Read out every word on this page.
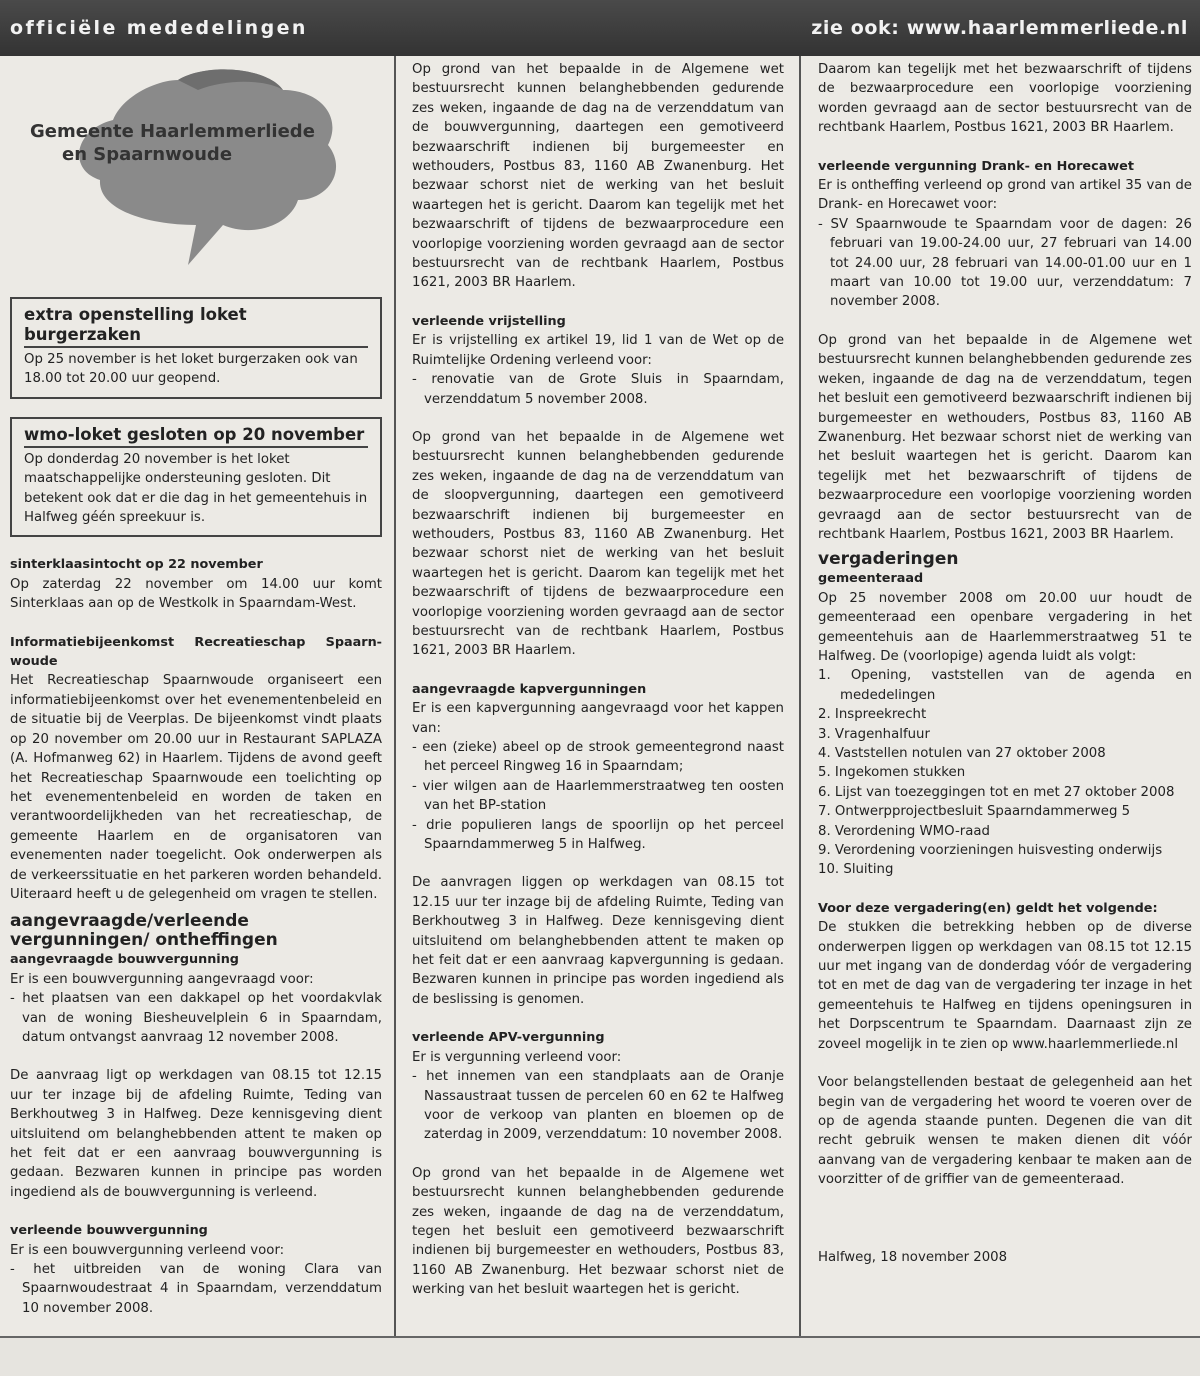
officiële mededelingen	zie ook: www.haarlemmerliede.nl
Gemeente Haarlemmerliede
en Spaarnwoude
extra openstelling loket burgerzaken
Op 25 november is het loket burgerzaken ook van 18.00 tot 20.00 uur geopend.
wmo-loket gesloten op 20 november
Op donderdag 20 november is het loket maatschappelijke ondersteuning gesloten. Dit betekent ook dat er die dag in het gemeentehuis in Halfweg géén spreekuur is.
sinterklaasintocht op 22 november
Op zaterdag 22 november om 14.00 uur komt Sinterklaas aan op de Westkolk in Spaarndam-West.
Informatiebijeenkomst Recreatieschap Spaarn-woude
Het Recreatieschap Spaarnwoude organiseert een informatiebijeenkomst over het evenementenbeleid en de situatie bij de Veerplas. De bijeenkomst vindt plaats op 20 november om 20.00 uur in Restaurant SAPLAZA (A. Hofmanweg 62) in Haarlem. Tijdens de avond geeft het Recreatieschap Spaarnwoude een toelichting op het evenementenbeleid en worden de taken en verantwoordelijkheden van het recreatieschap, de gemeente Haarlem en de organisatoren van evenementen nader toegelicht. Ook onderwerpen als de verkeerssituatie en het parkeren worden behandeld. Uiteraard heeft u de gelegenheid om vragen te stellen.
aangevraagde/verleende vergunningen/ ontheffingen
aangevraagde bouwvergunning
Er is een bouwvergunning aangevraagd voor:
- het plaatsen van een dakkapel op het voordakvlak van de woning Biesheuvelplein 6 in Spaarndam, datum ontvangst aanvraag 12 november 2008.
De aanvraag ligt op werkdagen van 08.15 tot 12.15 uur ter inzage bij de afdeling Ruimte, Teding van Berkhoutweg 3 in Halfweg. Deze kennisgeving dient uitsluitend om belanghebbenden attent te maken op het feit dat er een aanvraag bouwvergunning is gedaan. Bezwaren kunnen in principe pas worden ingediend als de bouwvergunning is verleend.
verleende bouwvergunning
Er is een bouwvergunning verleend voor:
- het uitbreiden van de woning Clara van Spaarnwoudestraat 4 in Spaarndam, verzenddatum 10 november 2008.
Op grond van het bepaalde in de Algemene wet bestuursrecht kunnen belanghebbenden gedurende zes weken, ingaande de dag na de verzenddatum van de bouwvergunning, daartegen een gemotiveerd bezwaarschrift indienen bij burgemeester en wethouders, Postbus 83, 1160 AB Zwanenburg. Het bezwaar schorst niet de werking van het besluit waartegen het is gericht. Daarom kan tegelijk met het bezwaarschrift of tijdens de bezwaarprocedure een voorlopige voorziening worden gevraagd aan de sector bestuursrecht van de rechtbank Haarlem, Postbus 1621, 2003 BR Haarlem.
verleende vrijstelling
Er is vrijstelling ex artikel 19, lid 1 van de Wet op de Ruimtelijke Ordening verleend voor:
- renovatie van de Grote Sluis in Spaarndam, verzenddatum 5 november 2008.
Op grond van het bepaalde in de Algemene wet bestuursrecht kunnen belanghebbenden gedurende zes weken, ingaande de dag na de verzenddatum van de sloopvergunning, daartegen een gemotiveerd bezwaarschrift indienen bij burgemeester en wethouders, Postbus 83, 1160 AB Zwanenburg. Het bezwaar schorst niet de werking van het besluit waartegen het is gericht. Daarom kan tegelijk met het bezwaarschrift of tijdens de bezwaarprocedure een voorlopige voorziening worden gevraagd aan de sector bestuursrecht van de rechtbank Haarlem, Postbus 1621, 2003 BR Haarlem.
aangevraagde kapvergunningen
Er is een kapvergunning aangevraagd voor het kappen van:
- een (zieke) abeel op de strook gemeentegrond naast het perceel Ringweg 16 in Spaarndam;
- vier wilgen aan de Haarlemmerstraatweg ten oosten van het BP-station
- drie populieren langs de spoorlijn op het perceel Spaarndammerweg 5 in Halfweg.
De aanvragen liggen op werkdagen van 08.15 tot 12.15 uur ter inzage bij de afdeling Ruimte, Teding van Berkhoutweg 3 in Halfweg. Deze kennisgeving dient uitsluitend om belanghebbenden attent te maken op het feit dat er een aanvraag kapvergunning is gedaan. Bezwaren kunnen in principe pas worden ingediend als de beslissing is genomen.
verleende APV-vergunning
Er is vergunning verleend voor:
- het innemen van een standplaats aan de Oranje Nassaustraat tussen de percelen 60 en 62 te Halfweg voor de verkoop van planten en bloemen op de zaterdag in 2009, verzenddatum: 10 november 2008.
Op grond van het bepaalde in de Algemene wet bestuursrecht kunnen belanghebbenden gedurende zes weken, ingaande de dag na de verzenddatum, tegen het besluit een gemotiveerd bezwaarschrift indienen bij burgemeester en wethouders, Postbus 83, 1160 AB Zwanenburg. Het bezwaar schorst niet de werking van het besluit waartegen het is gericht.
Daarom kan tegelijk met het bezwaarschrift of tijdens de bezwaarprocedure een voorlopige voorziening worden gevraagd aan de sector bestuursrecht van de rechtbank Haarlem, Postbus 1621, 2003 BR Haarlem.
verleende vergunning Drank- en Horecawet
Er is ontheffing verleend op grond van artikel 35 van de Drank- en Horecawet voor:
- SV Spaarnwoude te Spaarndam voor de dagen: 26 februari van 19.00-24.00 uur, 27 februari van 14.00 tot 24.00 uur, 28 februari van 14.00-01.00 uur en 1 maart van 10.00 tot 19.00 uur, verzenddatum: 7 november 2008.
Op grond van het bepaalde in de Algemene wet bestuursrecht kunnen belanghebbenden gedurende zes weken, ingaande de dag na de verzenddatum, tegen het besluit een gemotiveerd bezwaarschrift indienen bij burgemeester en wethouders, Postbus 83, 1160 AB Zwanenburg. Het bezwaar schorst niet de werking van het besluit waartegen het is gericht. Daarom kan tegelijk met het bezwaarschrift of tijdens de bezwaarprocedure een voorlopige voorziening worden gevraagd aan de sector bestuursrecht van de rechtbank Haarlem, Postbus 1621, 2003 BR Haarlem.
vergaderingen
gemeenteraad
Op 25 november 2008 om 20.00 uur houdt de gemeenteraad een openbare vergadering in het gemeentehuis aan de Haarlemmerstraatweg 51 te Halfweg. De (voorlopige) agenda luidt als volgt:
1. Opening, vaststellen van de agenda en mededelingen
2. Inspreekrecht
3. Vragenhalfuur
4. Vaststellen notulen van 27 oktober 2008
5. Ingekomen stukken
6. Lijst van toezeggingen tot en met 27 oktober 2008
7. Ontwerpprojectbesluit Spaarndammerweg 5
8. Verordening WMO-raad
9. Verordening voorzieningen huisvesting onderwijs
10. Sluiting
Voor deze vergadering(en) geldt het volgende:
De stukken die betrekking hebben op de diverse onderwerpen liggen op werkdagen van 08.15 tot 12.15 uur met ingang van de donderdag vóór de vergadering tot en met de dag van de vergadering ter inzage in het gemeentehuis te Halfweg en tijdens openingsuren in het Dorpscentrum te Spaarndam. Daarnaast zijn ze zoveel mogelijk in te zien op www.haarlemmerliede.nl
Voor belangstellenden bestaat de gelegenheid aan het begin van de vergadering het woord te voeren over de op de agenda staande punten. Degenen die van dit recht gebruik wensen te maken dienen dit vóór aanvang van de vergadering kenbaar te maken aan de voorzitter of de griffier van de gemeenteraad.
Halfweg, 18 november 2008
